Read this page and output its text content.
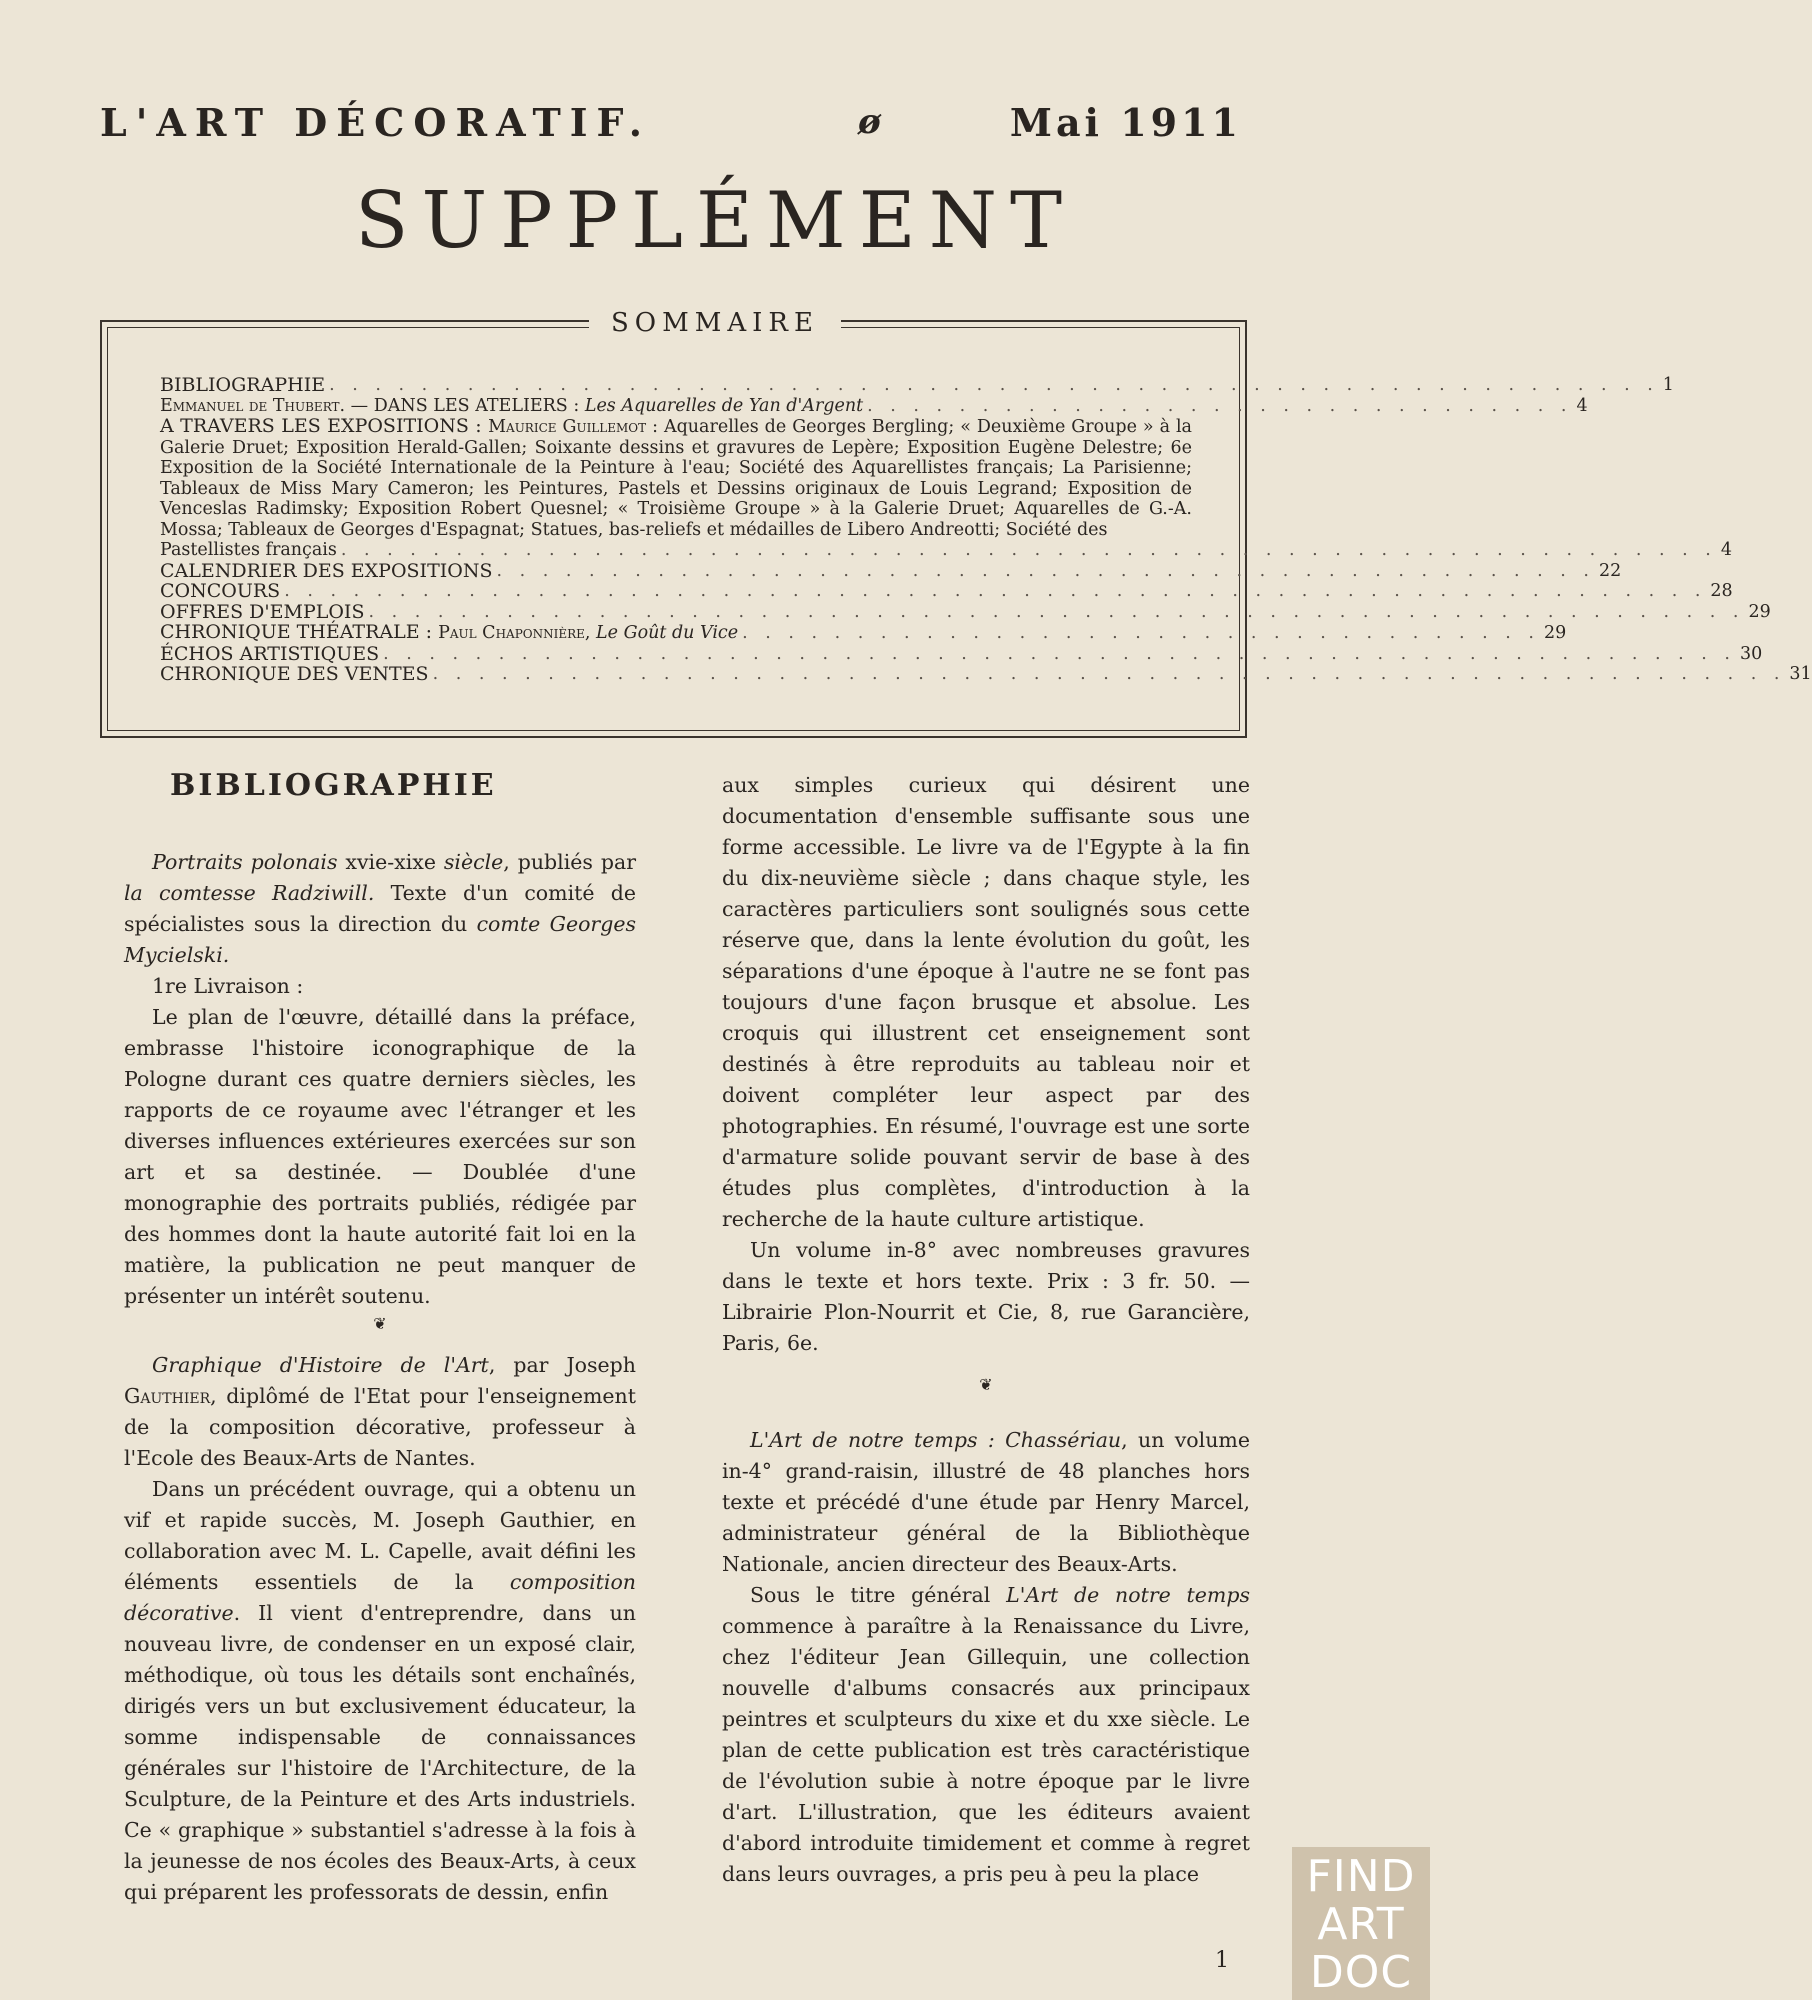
L'ART DÉCORATIF.	ø	Mai 1911
SUPPLÉMENT
SOMMAIRE
BIBLIOGRAPHIE . . . . . . . . . . . . . . . . . . . . . . . . . . . . . . . . . . . . . . . . . . . . . . . . . . . . . . . . . . 1
Emmanuel de Thubert. — DANS LES ATELIERS : Les Aquarelles de Yan d'Argent . . . . . . . . . . . . . . . . . . . . . . . . . . . . . . . 4
A TRAVERS LES EXPOSITIONS : Maurice Guillemot : Aquarelles de Georges Bergling; « Deuxième Groupe » à la Galerie Druet; Exposition Herald-Gallen; Soixante dessins et gravures de Lepère; Exposition Eugène Delestre; 6e Exposition de la Société Internationale de la Peinture à l'eau; Société des Aquarellistes français; La Parisienne; Tableaux de Miss Mary Cameron; les Peintures, Pastels et Dessins originaux de Louis Legrand; Exposition de Venceslas Radimsky; Exposition Robert Quesnel; « Troisième Groupe » à la Galerie Druet; Aquarelles de G.-A. Mossa; Tableaux de Georges d'Espagnat; Statues, bas-reliefs et médailles de Libero Andreotti; Société des
Pastellistes français . . . . . . . . . . . . . . . . . . . . . . . . . . . . . . . . . . . . . . . . . . . . . . . . . . . . . . . . . . . . 4
CALENDRIER DES EXPOSITIONS . . . . . . . . . . . . . . . . . . . . . . . . . . . . . . . . . . . . . . . . . . . . . . . . 22
CONCOURS . . . . . . . . . . . . . . . . . . . . . . . . . . . . . . . . . . . . . . . . . . . . . . . . . . . . . . . . . . . . . . 28
OFFRES D'EMPLOIS . . . . . . . . . . . . . . . . . . . . . . . . . . . . . . . . . . . . . . . . . . . . . . . . . . . . . . . . . . . . 29
CHRONIQUE THÉATRALE : Paul Chaponnière, Le Goût du Vice . . . . . . . . . . . . . . . . . . . . . . . . . . . . . . . . . . . 29
ÉCHOS ARTISTIQUES . . . . . . . . . . . . . . . . . . . . . . . . . . . . . . . . . . . . . . . . . . . . . . . . . . . . . . . . . . . 30
CHRONIQUE DES VENTES . . . . . . . . . . . . . . . . . . . . . . . . . . . . . . . . . . . . . . . . . . . . . . . . . . . . . . . . . . . 31
BIBLIOGRAPHIE

Portraits polonais xvie-xixe siècle, publiés par la comtesse Radziwill. Texte d'un comité de spécialistes sous la direction du comte Georges Mycielski.

1re Livraison :

Le plan de l'œuvre, détaillé dans la préface, embrasse l'histoire iconographique de la Pologne durant ces quatre derniers siècles, les rapports de ce royaume avec l'étranger et les diverses influences extérieures exercées sur son art et sa destinée. — Doublée d'une monographie des portraits publiés, rédigée par des hommes dont la haute autorité fait loi en la matière, la publication ne peut manquer de présenter un intérêt soutenu.

❦

Graphique d'Histoire de l'Art, par Joseph Gauthier, diplômé de l'Etat pour l'enseignement de la composition décorative, professeur à l'Ecole des Beaux-Arts de Nantes.

Dans un précédent ouvrage, qui a obtenu un vif et rapide succès, M. Joseph Gauthier, en collaboration avec M. L. Capelle, avait défini les éléments essentiels de la composition décorative. Il vient d'entreprendre, dans un nouveau livre, de condenser en un exposé clair, méthodique, où tous les détails sont enchaînés, dirigés vers un but exclusivement éducateur, la somme indispensable de connaissances générales sur l'histoire de l'Architecture, de la Sculpture, de la Peinture et des Arts industriels. Ce « graphique » substantiel s'adresse à la fois à la jeunesse de nos écoles des Beaux-Arts, à ceux qui préparent les professorats de dessin, enfin

aux simples curieux qui désirent une documentation d'ensemble suffisante sous une forme accessible. Le livre va de l'Egypte à la fin du dix-neuvième siècle ; dans chaque style, les caractères particuliers sont soulignés sous cette réserve que, dans la lente évolution du goût, les séparations d'une époque à l'autre ne se font pas toujours d'une façon brusque et absolue. Les croquis qui illustrent cet enseignement sont destinés à être reproduits au tableau noir et doivent compléter leur aspect par des photographies. En résumé, l'ouvrage est une sorte d'armature solide pouvant servir de base à des études plus complètes, d'introduction à la recherche de la haute culture artistique.

Un volume in-8° avec nombreuses gravures dans le texte et hors texte. Prix : 3 fr. 50. — Librairie Plon-Nourrit et Cie, 8, rue Garancière, Paris, 6e.

❦

L'Art de notre temps : Chassériau, un volume in-4° grand-raisin, illustré de 48 planches hors texte et précédé d'une étude par Henry Marcel, administrateur général de la Bibliothèque Nationale, ancien directeur des Beaux-Arts.

Sous le titre général L'Art de notre temps commence à paraître à la Renaissance du Livre, chez l'éditeur Jean Gillequin, une collection nouvelle d'albums consacrés aux principaux peintres et sculpteurs du xixe et du xxe siècle. Le plan de cette publication est très caractéristique de l'évolution subie à notre époque par le livre d'art. L'illustration, que les éditeurs avaient d'abord introduite timidement et comme à regret dans leurs ouvrages, a pris peu à peu la place

1
FIND
ART
DOC
